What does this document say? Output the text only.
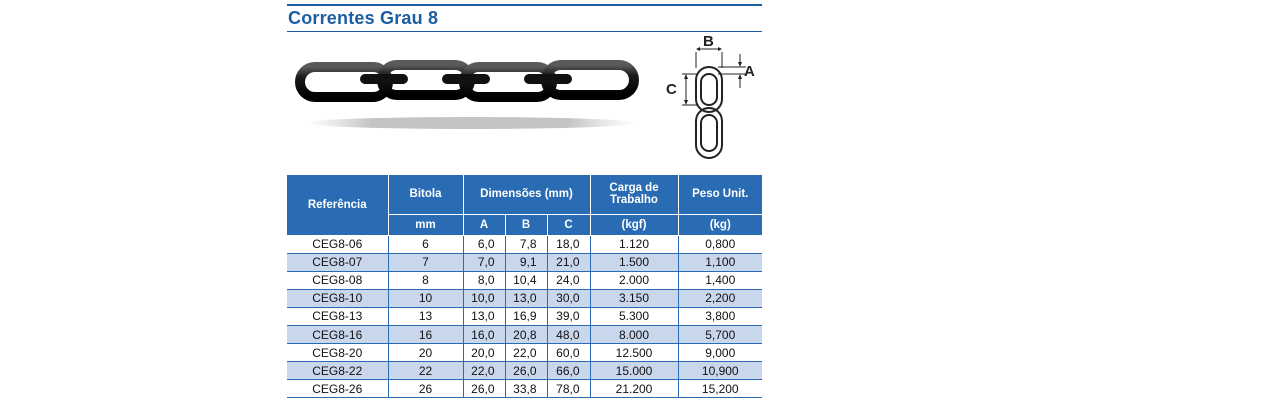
Correntes Grau 8
B
A
C
Referência	Bitola	Dimensões (mm)			Carga de Trabalho	Peso Unit.
	mm	A	B	C	(kgf)	(kg)
CEG8-06	6	6,0	7,8	18,0	1.120	0,800
CEG8-07	7	7,0	9,1	21,0	1.500	1,100
CEG8-08	8	8,0	10,4	24,0	2.000	1,400
CEG8-10	10	10,0	13,0	30,0	3.150	2,200
CEG8-13	13	13,0	16,9	39,0	5.300	3,800
CEG8-16	16	16,0	20,8	48,0	8.000	5,700
CEG8-20	20	20,0	22,0	60,0	12.500	9,000
CEG8-22	22	22,0	26,0	66,0	15.000	10,900
CEG8-26	26	26,0	33,8	78,0	21.200	15,200
